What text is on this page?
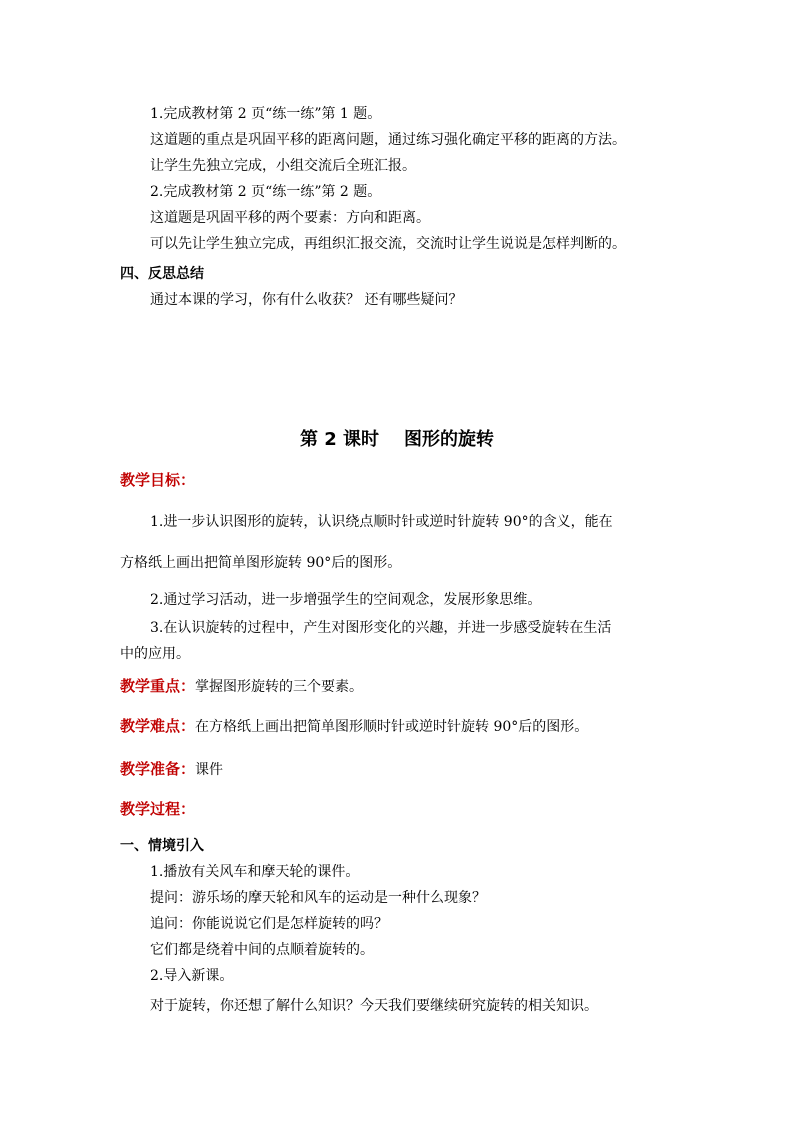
1.完成教材第 2 页“练一练”第 1 题。
这道题的重点是巩固平移的距离问题，通过练习强化确定平移的距离的方法。
让学生先独立完成，小组交流后全班汇报。
2.完成教材第 2 页“练一练”第 2 题。
这道题是巩固平移的两个要素：方向和距离。
可以先让学生独立完成，再组织汇报交流，交流时让学生说说是怎样判断的。
四、反思总结
通过本课的学习，你有什么收获？ 还有哪些疑问？
第 2 课时    图形的旋转
教学目标：
1.进一步认识图形的旋转，认识绕点顺时针或逆时针旋转 90°的含义，能在
方格纸上画出把简单图形旋转 90°后的图形。
2.通过学习活动，进一步增强学生的空间观念，发展形象思维。
3.在认识旋转的过程中，产生对图形变化的兴趣，并进一步感受旋转在生活
中的应用。
教学重点：掌握图形旋转的三个要素。
教学难点：在方格纸上画出把简单图形顺时针或逆时针旋转 90°后的图形。
教学准备：课件
教学过程：
一、情境引入
1.播放有关风车和摩天轮的课件。
提问：游乐场的摩天轮和风车的运动是一种什么现象？
追问：你能说说它们是怎样旋转的吗？
它们都是绕着中间的点顺着旋转的。
2.导入新课。
对于旋转，你还想了解什么知识？今天我们要继续研究旋转的相关知识。
